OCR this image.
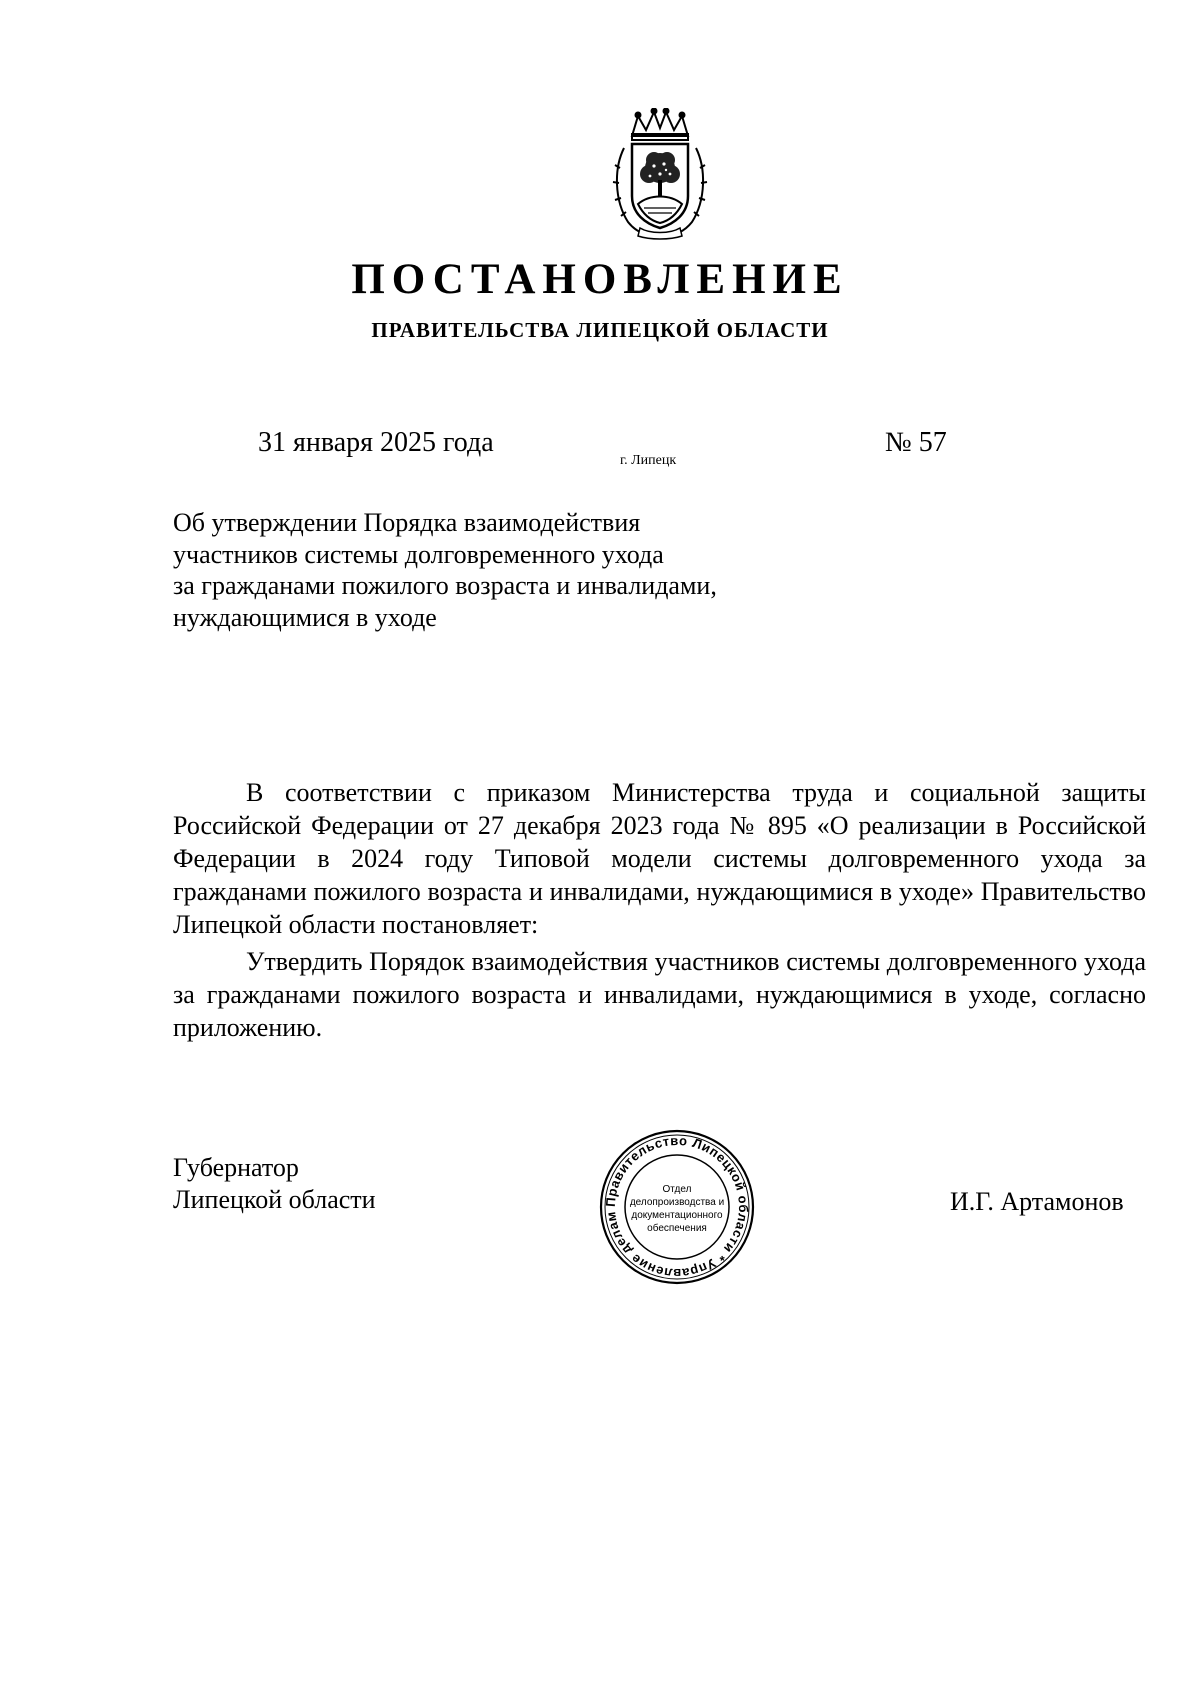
ПОСТАНОВЛЕНИЕ
ПРАВИТЕЛЬСТВА ЛИПЕЦКОЙ ОБЛАСТИ
31 января 2025 года
г. Липецк
№ 57
Об утверждении Порядка взаимодействия
участников системы долговременного ухода
за гражданами пожилого возраста и инвалидами,
нуждающимися в уходе

В соответствии с приказом Министерства труда и социальной защиты Российской Федерации от 27 декабря 2023 года № 895 «О реализации в Российской Федерации в 2024 году Типовой модели системы долговременного ухода за гражданами пожилого возраста и инвалидами, нуждающимися в уходе» Правительство Липецкой области постановляет:

Утвердить Порядок взаимодействия участников системы долговременного ухода за гражданами пожилого возраста и инвалидами, нуждающимися в уходе, согласно приложению.

Губернатор
Липецкой области	Правительство Липецкой области * Управление делам
Отдел
делопроизводства и
документационного
обеспечения
И.Г. Артамонов
